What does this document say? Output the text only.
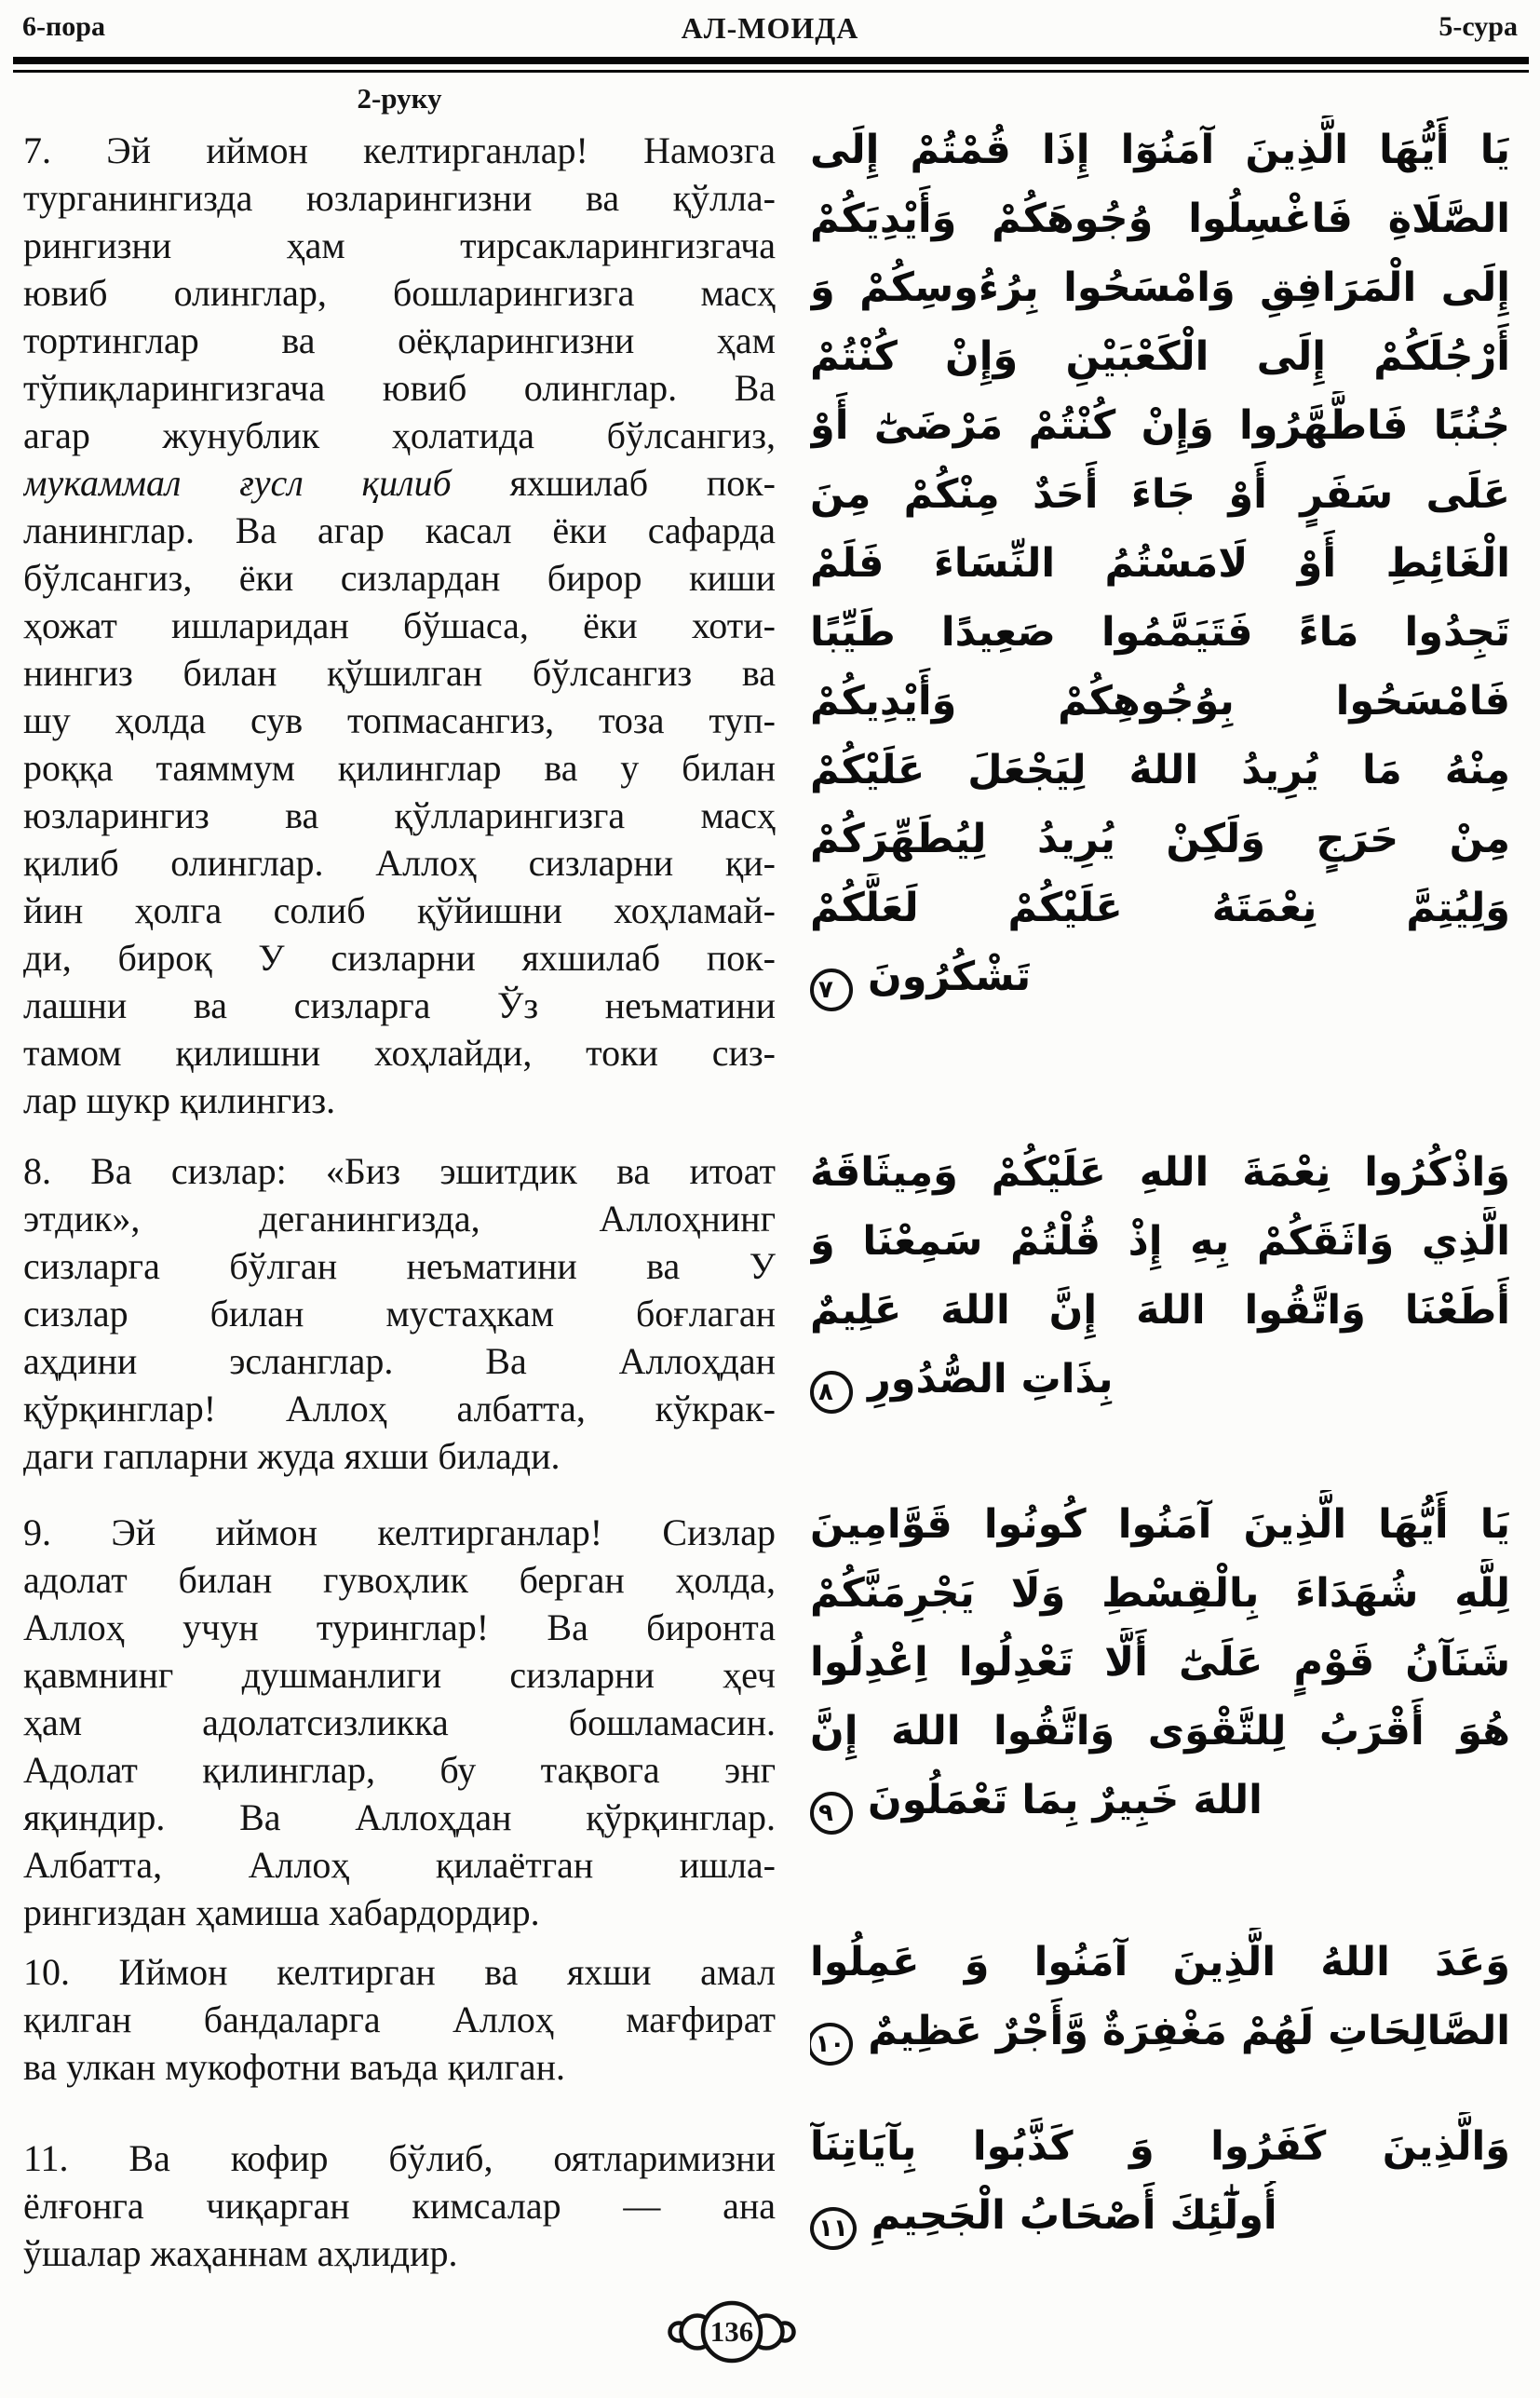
6-пора	АЛ-МОИДА	5-сура
2-руку
7. Эй иймон келтирганлар! Намозга
турганингизда юзларингизни ва қўлла-
рингизни ҳам тирсакларингизгача
ювиб олинглар, бошларингизга масҳ
тортинглар ва оёқларингизни ҳам
тўпиқларингизгача ювиб олинглар. Ва
агар жунублик ҳолатида бўлсангиз,
мукаммал ғусл қилиб яхшилаб пок-
ланинглар. Ва агар касал ёки сафарда
бўлсангиз, ёки сизлардан бирор киши
ҳожат ишларидан бўшаса, ёки хоти-
нингиз билан қўшилган бўлсангиз ва
шу ҳолда сув топмасангиз, тоза туп-
роққа таяммум қилинглар ва у билан
юзларингиз ва қўлларингизга масҳ
қилиб олинглар. Аллоҳ сизларни қи-
йин ҳолга солиб қўйишни хоҳламай-
ди, бироқ У сизларни яхшилаб пок-
лашни ва сизларга Ўз неъматини
тамом қилишни хоҳлайди, токи сиз-
лар шукр қилингиз.
يَا أَيُّهَا الَّذِينَ آمَنُوٓا إِذَا قُمْتُمْ إِلَى
الصَّلَاةِ فَاغْسِلُوا وُجُوهَكُمْ وَأَيْدِيَكُمْ
إِلَى الْمَرَافِقِ وَامْسَحُوا بِرُءُوسِكُمْ وَ
أَرْجُلَكُمْ إِلَى الْكَعْبَيْنِ وَإِنْ كُنْتُمْ
جُنُبًا فَاطَّهَّرُوا وَإِنْ كُنْتُمْ مَرْضَىٰٓ أَوْ
عَلَى سَفَرٍ أَوْ جَاءَ أَحَدٌ مِنْكُمْ مِنَ
الْغَائِطِ أَوْ لَامَسْتُمُ النِّسَاءَ فَلَمْ
تَجِدُوا مَاءً فَتَيَمَّمُوا صَعِيدًا طَيِّبًا
فَامْسَحُوا بِوُجُوهِكُمْ وَأَيْدِيكُمْ
مِنْهُ مَا يُرِيدُ اللهُ لِيَجْعَلَ عَلَيْكُمْ
مِنْ حَرَجٍ وَلَكِنْ يُرِيدُ لِيُطَهِّرَكُمْ
وَلِيُتِمَّ نِعْمَتَهُ عَلَيْكُمْ لَعَلَّكُمْ
تَشْكُرُونَ٧
8. Ва сизлар: «Биз эшитдик ва итоат
этдик», деганингизда, Аллоҳнинг
сизларга бўлган неъматини ва У
сизлар билан мустаҳкам боғлаган
аҳдини эсланглар. Ва Аллоҳдан
қўрқинглар! Аллоҳ албатта, кўкрак-
даги гапларни жуда яхши билади.
وَاذْكُرُوا نِعْمَةَ اللهِ عَلَيْكُمْ وَمِيثَاقَهُ
الَّذِي وَاثَقَكُمْ بِهِ إِذْ قُلْتُمْ سَمِعْنَا وَ
أَطَعْنَا وَاتَّقُوا اللهَ إِنَّ اللهَ عَلِيمٌ
بِذَاتِ الصُّدُورِ٨
9. Эй иймон келтирганлар! Сизлар
адолат билан гувоҳлик берган ҳолда,
Аллоҳ учун туринглар! Ва биронта
қавмнинг душманлиги сизларни ҳеч
ҳам адолатсизликка бошламасин.
Адолат қилинглар, бу тақвога энг
яқиндир. Ва Аллоҳдан қўрқинглар.
Албатта, Аллоҳ қилаётган ишла-
рингиздан ҳамиша хабардордир.
يَا أَيُّهَا الَّذِينَ آمَنُوا كُونُوا قَوَّامِينَ
لِلَّهِ شُهَدَاءَ بِالْقِسْطِ وَلَا يَجْرِمَنَّكُمْ
شَنَآنُ قَوْمٍ عَلَىٰٓ أَلَّا تَعْدِلُوا اِعْدِلُوا
هُوَ أَقْرَبُ لِلتَّقْوَى وَاتَّقُوا اللهَ إِنَّ
اللهَ خَبِيرٌ بِمَا تَعْمَلُونَ٩
10. Иймон келтирган ва яхши амал
қилган бандаларга Аллоҳ мағфират
ва улкан мукофотни ваъда қилган.
وَعَدَ اللهُ الَّذِينَ آمَنُوا وَ عَمِلُوا
الصَّالِحَاتِ لَهُمْ مَغْفِرَةٌ وَّأَجْرٌ عَظِيمٌ١٠
11. Ва кофир бўлиб, оятларимизни
ёлғонга чиқарган кимсалар — ана
ўшалар жаҳаннам аҳлидир.
وَالَّذِينَ كَفَرُوا وَ كَذَّبُوا بِآيَاتِنَآ
أُولَٰٓئِكَ أَصْحَابُ الْجَحِيمِ١١
136
